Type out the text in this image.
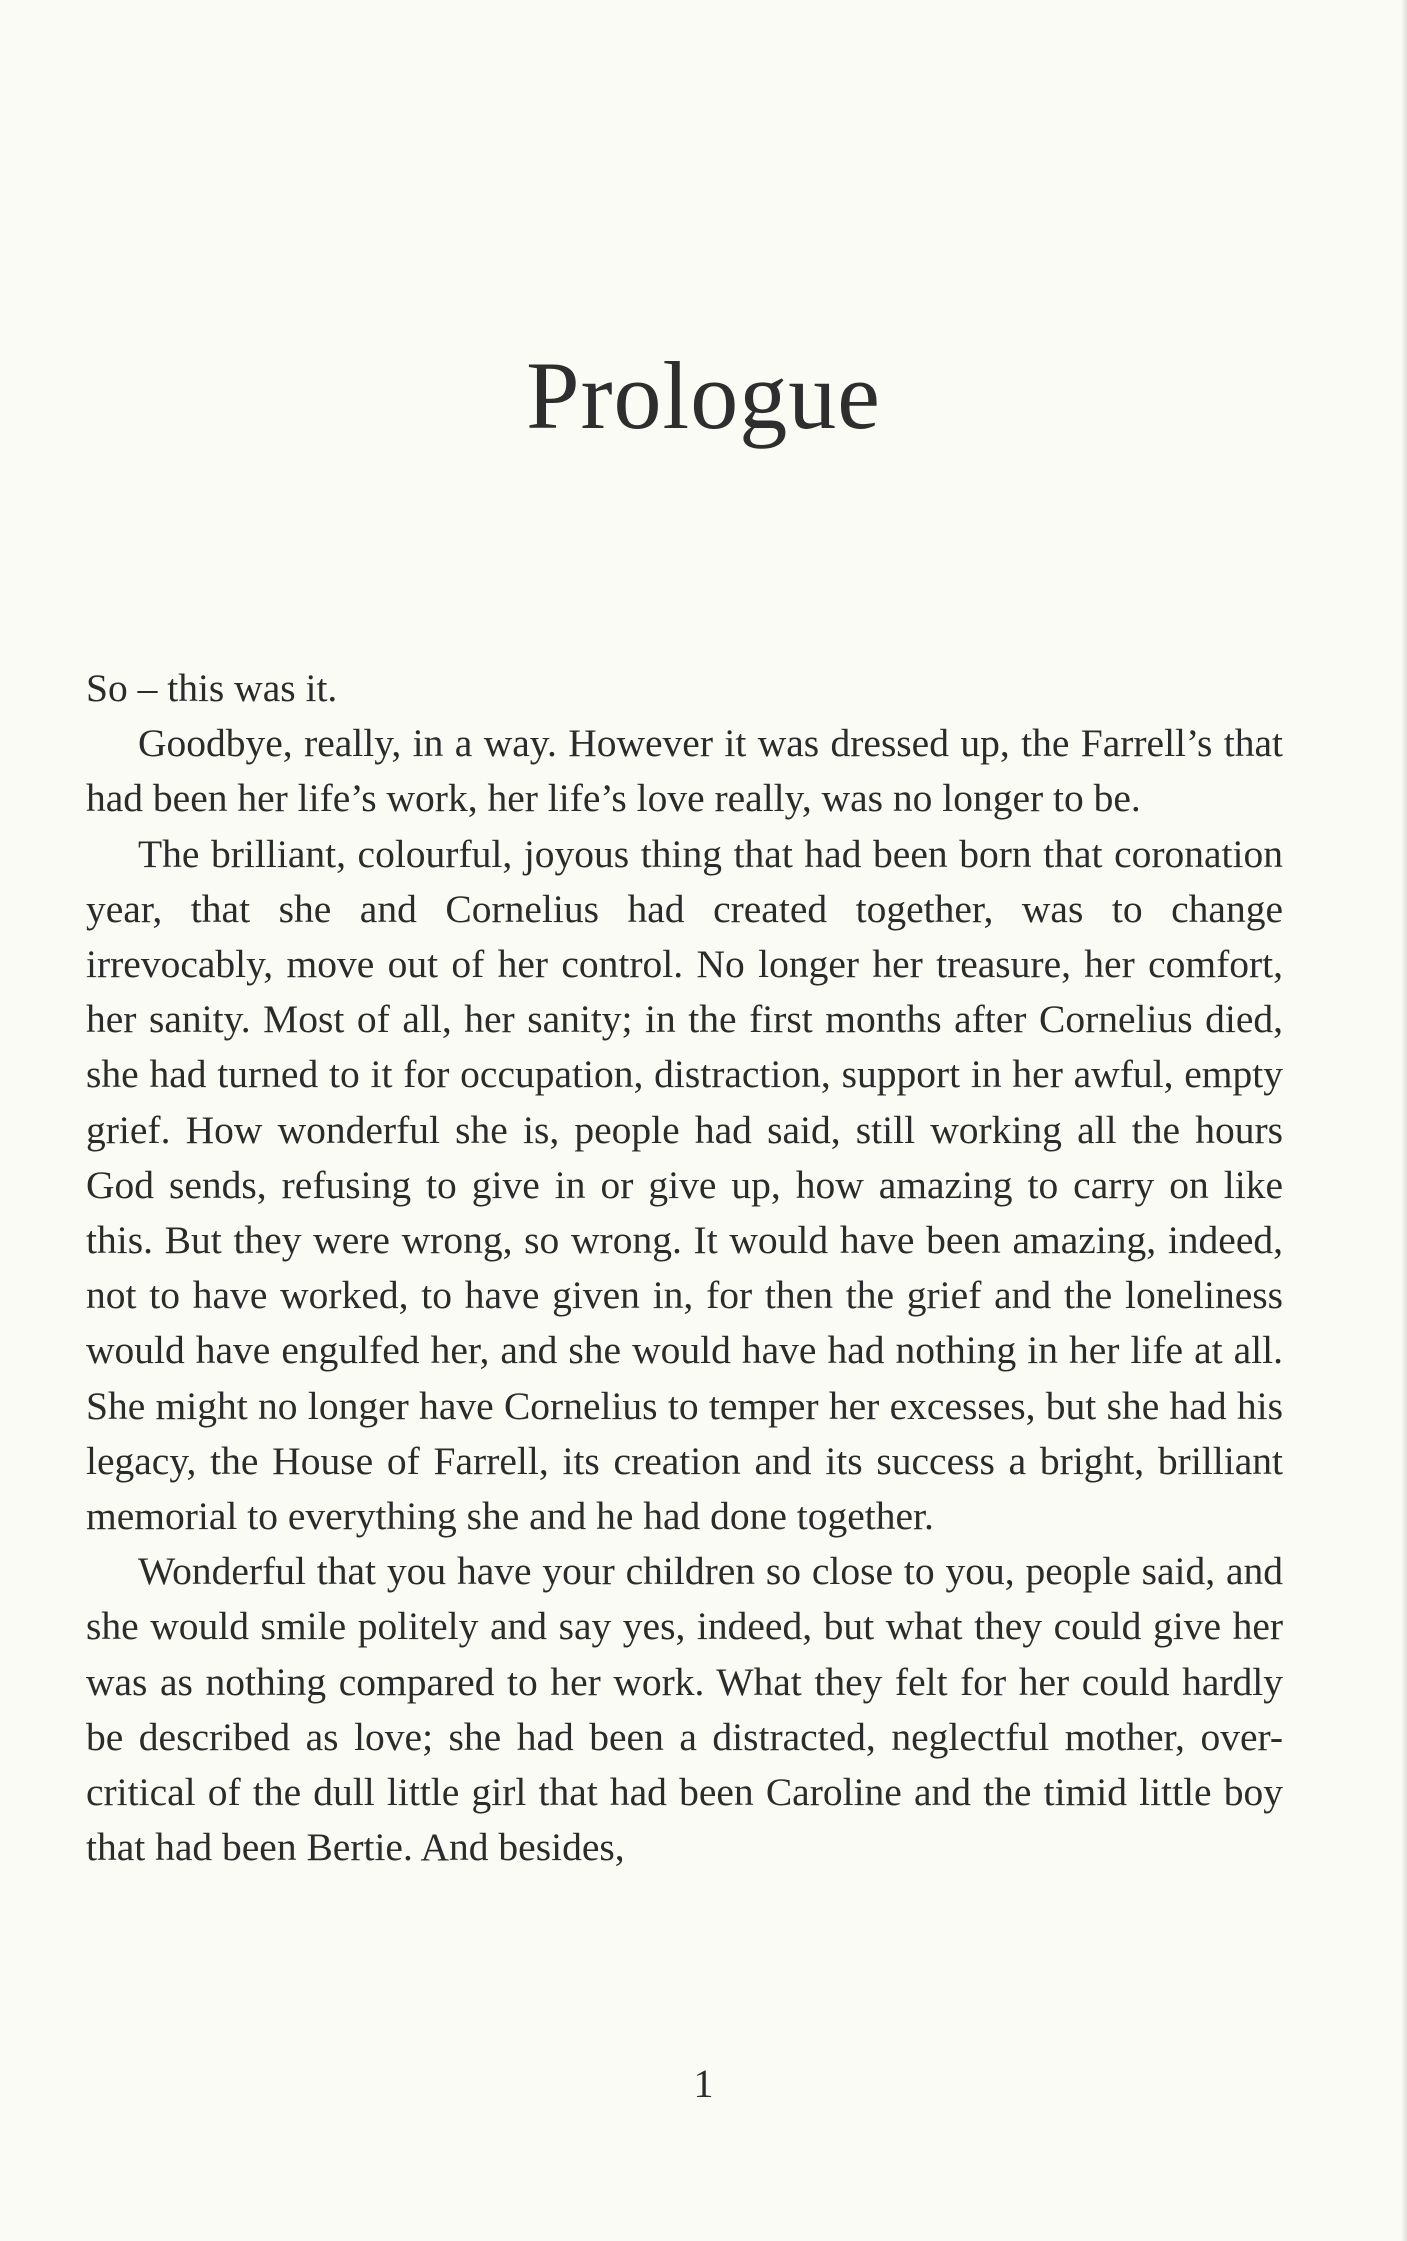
Prologue

So – this was it.

Goodbye, really, in a way. However it was dressed up, the Farrell’s that had been her life’s work, her life’s love really, was no longer to be.

The brilliant, colourful, joyous thing that had been born that coronation year, that she and Cornelius had created together, was to change irrevocably, move out of her control. No longer her treasure, her comfort, her sanity. Most of all, her sanity; in the first months after Cornelius died, she had turned to it for occupation, distraction, support in her awful, empty grief. How wonderful she is, people had said, still working all the hours God sends, refusing to give in or give up, how amazing to carry on like this. But they were wrong, so wrong. It would have been amazing, indeed, not to have worked, to have given in, for then the grief and the loneliness would have engulfed her, and she would have had nothing in her life at all. She might no longer have Cornelius to temper her excesses, but she had his legacy, the House of Farrell, its creation and its success a bright, brilliant memorial to everything she and he had done together.

Wonderful that you have your children so close to you, people said, and she would smile politely and say yes, indeed, but what they could give her was as nothing compared to her work. What they felt for her could hardly be described as love; she had been a distracted, neglectful mother, over-critical of the dull little girl that had been Caroline and the timid little boy that had been Bertie. And besides,

1
